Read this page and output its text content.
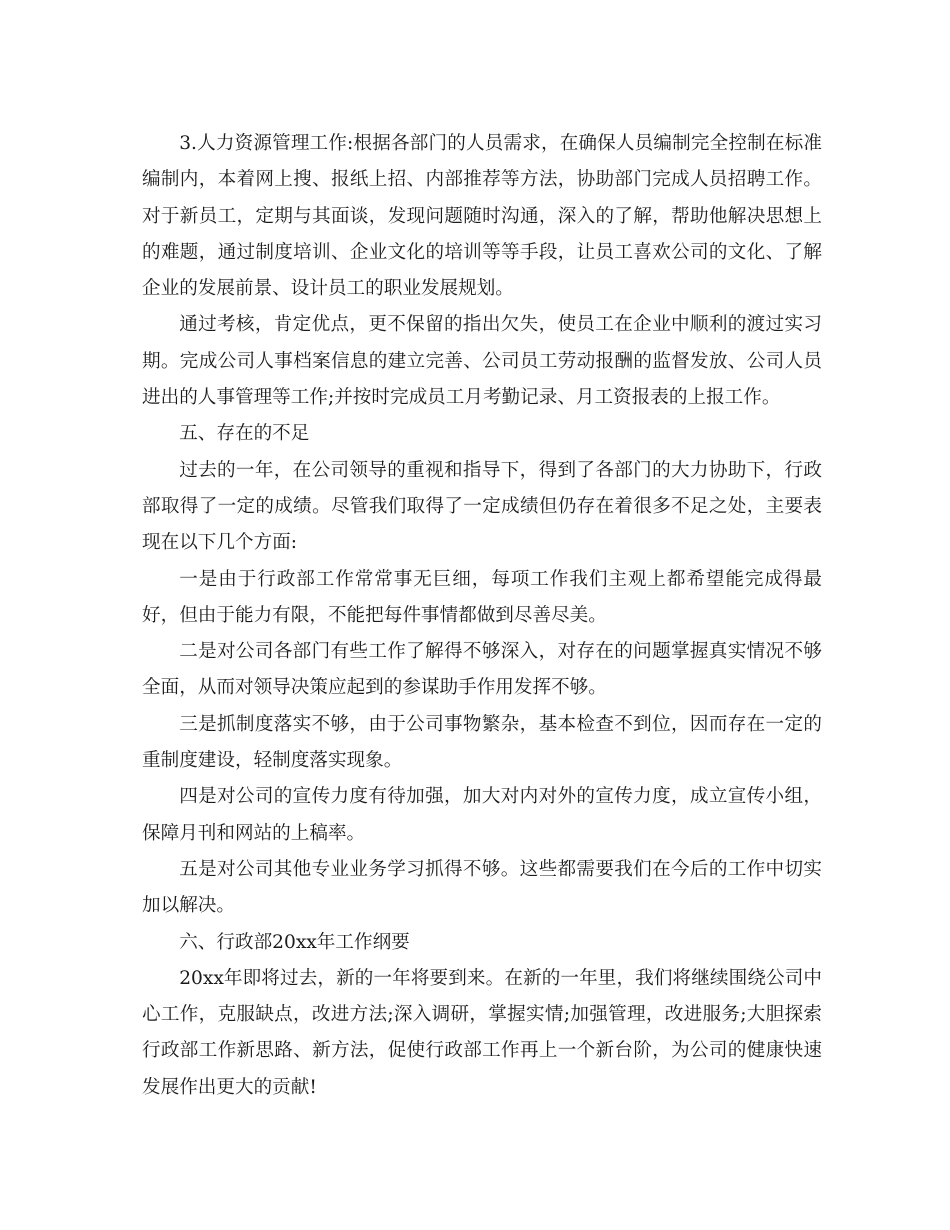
3.人力资源管理工作:根据各部门的人员需求，在确保人员编制完全控制在标准编制内，本着网上搜、报纸上招、内部推荐等方法，协助部门完成人员招聘工作。对于新员工，定期与其面谈，发现问题随时沟通，深入的了解，帮助他解决思想上的难题，通过制度培训、企业文化的培训等等手段，让员工喜欢公司的文化、了解企业的发展前景、设计员工的职业发展规划。

通过考核，肯定优点，更不保留的指出欠失，使员工在企业中顺利的渡过实习期。完成公司人事档案信息的建立完善、公司员工劳动报酬的监督发放、公司人员进出的人事管理等工作;并按时完成员工月考勤记录、月工资报表的上报工作。

五、存在的不足

过去的一年，在公司领导的重视和指导下，得到了各部门的大力协助下，行政部取得了一定的成绩。尽管我们取得了一定成绩但仍存在着很多不足之处，主要表现在以下几个方面:

一是由于行政部工作常常事无巨细，每项工作我们主观上都希望能完成得最好，但由于能力有限，不能把每件事情都做到尽善尽美。

二是对公司各部门有些工作了解得不够深入，对存在的问题掌握真实情况不够全面，从而对领导决策应起到的参谋助手作用发挥不够。

三是抓制度落实不够，由于公司事物繁杂，基本检查不到位，因而存在一定的重制度建设，轻制度落实现象。

四是对公司的宣传力度有待加强，加大对内对外的宣传力度，成立宣传小组，保障月刊和网站的上稿率。

五是对公司其他专业业务学习抓得不够。这些都需要我们在今后的工作中切实加以解决。

六、行政部20xx年工作纲要

20xx年即将过去，新的一年将要到来。在新的一年里，我们将继续围绕公司中心工作，克服缺点，改进方法;深入调研，掌握实情;加强管理，改进服务;大胆探索行政部工作新思路、新方法，促使行政部工作再上一个新台阶，为公司的健康快速发展作出更大的贡献!
